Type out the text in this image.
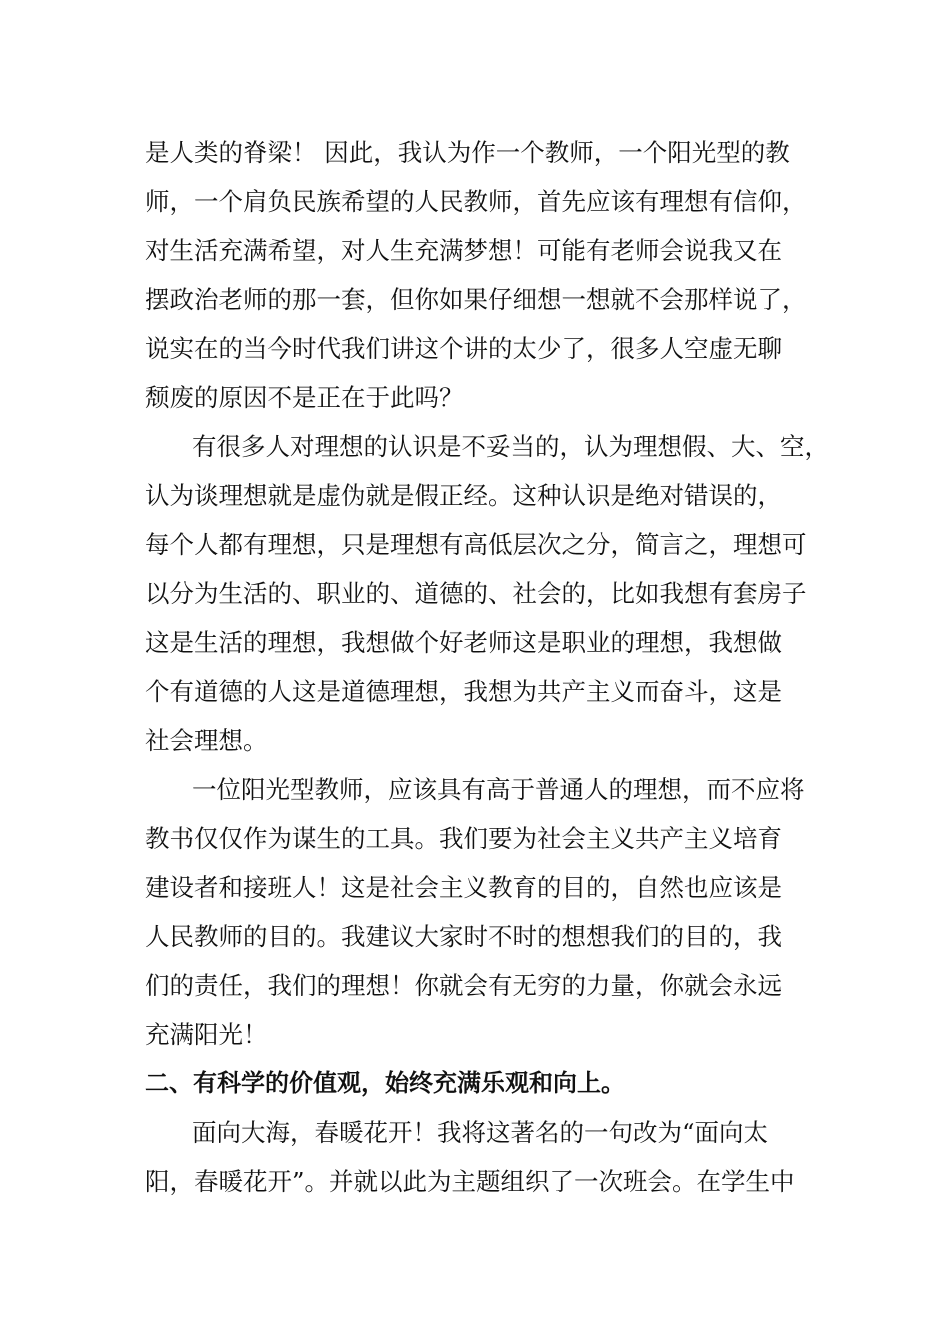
是人类的脊梁！ 因此，我认为作一个教师，一个阳光型的教
师，一个肩负民族希望的人民教师，首先应该有理想有信仰，
对生活充满希望，对人生充满梦想！可能有老师会说我又在
摆政治老师的那一套，但你如果仔细想一想就不会那样说了，
说实在的当今时代我们讲这个讲的太少了，很多人空虚无聊
颓废的原因不是正在于此吗？
有很多人对理想的认识是不妥当的，认为理想假、大、空，
认为谈理想就是虚伪就是假正经。这种认识是绝对错误的，
每个人都有理想，只是理想有高低层次之分，简言之，理想可
以分为生活的、职业的、道德的、社会的，比如我想有套房子
这是生活的理想，我想做个好老师这是职业的理想，我想做
个有道德的人这是道德理想，我想为共产主义而奋斗，这是
社会理想。
一位阳光型教师，应该具有高于普通人的理想，而不应将
教书仅仅作为谋生的工具。我们要为社会主义共产主义培育
建设者和接班人！这是社会主义教育的目的，自然也应该是
人民教师的目的。我建议大家时不时的想想我们的目的，我
们的责任，我们的理想！你就会有无穷的力量，你就会永远
充满阳光！
二、有科学的价值观，始终充满乐观和向上。
面向大海，春暖花开！我将这著名的一句改为“面向太
阳，春暖花开”。并就以此为主题组织了一次班会。在学生中
